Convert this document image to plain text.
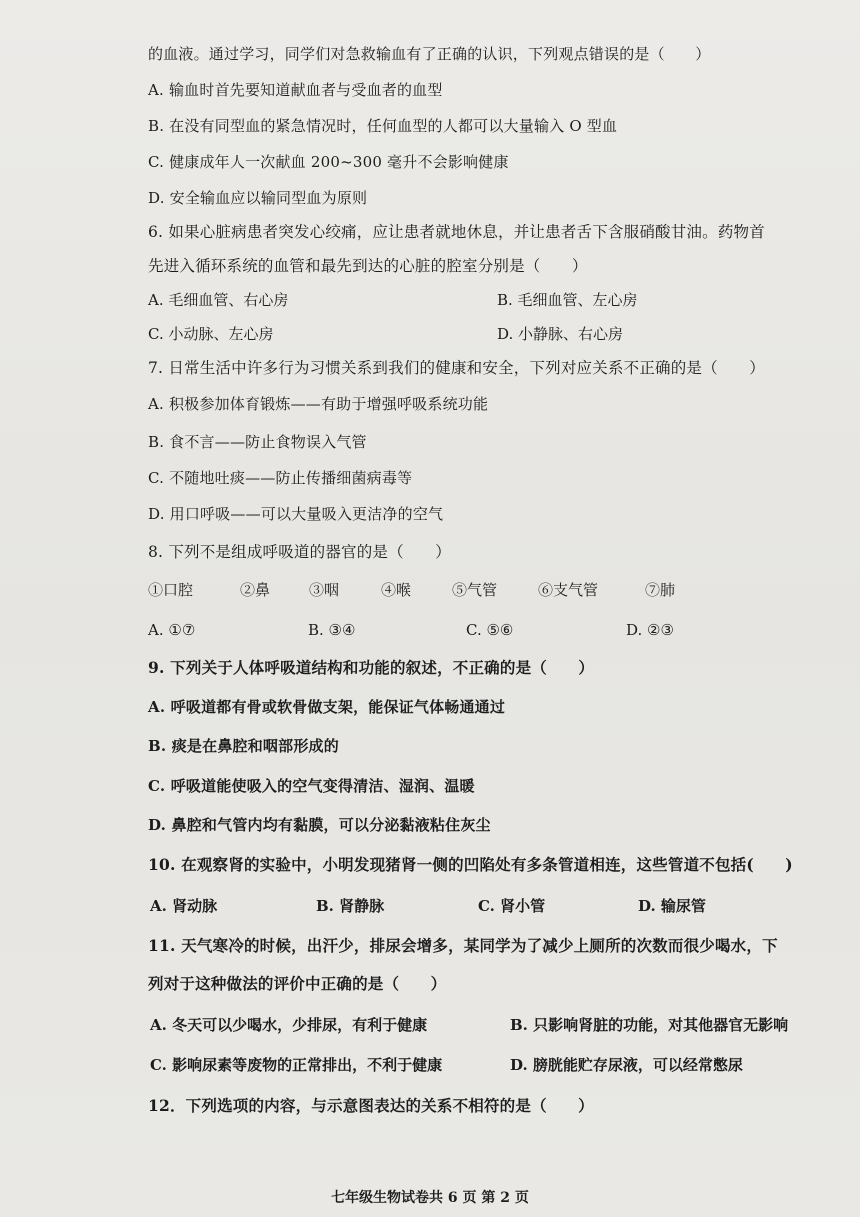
的血液。通过学习，同学们对急救输血有了正确的认识，下列观点错误的是（　　）
A. 输血时首先要知道献血者与受血者的血型
B. 在没有同型血的紧急情况时，任何血型的人都可以大量输入 O 型血
C. 健康成年人一次献血 200~300 毫升不会影响健康
D. 安全输血应以输同型血为原则
6. 如果心脏病患者突发心绞痛，应让患者就地休息，并让患者舌下含服硝酸甘油。药物首
先进入循环系统的血管和最先到达的心脏的腔室分别是（　　）
A. 毛细血管、右心房	B. 毛细血管、左心房
C. 小动脉、左心房	D. 小静脉、右心房
7. 日常生活中许多行为习惯关系到我们的健康和安全，下列对应关系不正确的是（　　）
A. 积极参加体育锻炼——有助于增强呼吸系统功能
B. 食不言——防止食物误入气管
C. 不随地吐痰——防止传播细菌病毒等
D. 用口呼吸——可以大量吸入更洁净的空气
8. 下列不是组成呼吸道的器官的是（　　）
①口腔	②鼻	③咽	④喉	⑤气管	⑥支气管	⑦肺
A. ①⑦	B. ③④	C. ⑤⑥	D. ②③
9. 下列关于人体呼吸道结构和功能的叙述，不正确的是（　　）
A. 呼吸道都有骨或软骨做支架，能保证气体畅通通过
B. 痰是在鼻腔和咽部形成的
C. 呼吸道能使吸入的空气变得清洁、湿润、温暖
D. 鼻腔和气管内均有黏膜，可以分泌黏液粘住灰尘
10. 在观察肾的实验中，小明发现猪肾一侧的凹陷处有多条管道相连，这些管道不包括(　　)
A. 肾动脉	B. 肾静脉	C. 肾小管	D. 输尿管
11. 天气寒冷的时候，出汗少，排尿会增多，某同学为了减少上厕所的次数而很少喝水，下
列对于这种做法的评价中正确的是（　　）
A. 冬天可以少喝水，少排尿，有利于健康	B. 只影响肾脏的功能，对其他器官无影响
C. 影响尿素等废物的正常排出，不利于健康	D. 膀胱能贮存尿液，可以经常憋尿
12．下列选项的内容，与示意图表达的关系不相符的是（　　）
七年级生物试卷共 6 页 第 2 页
